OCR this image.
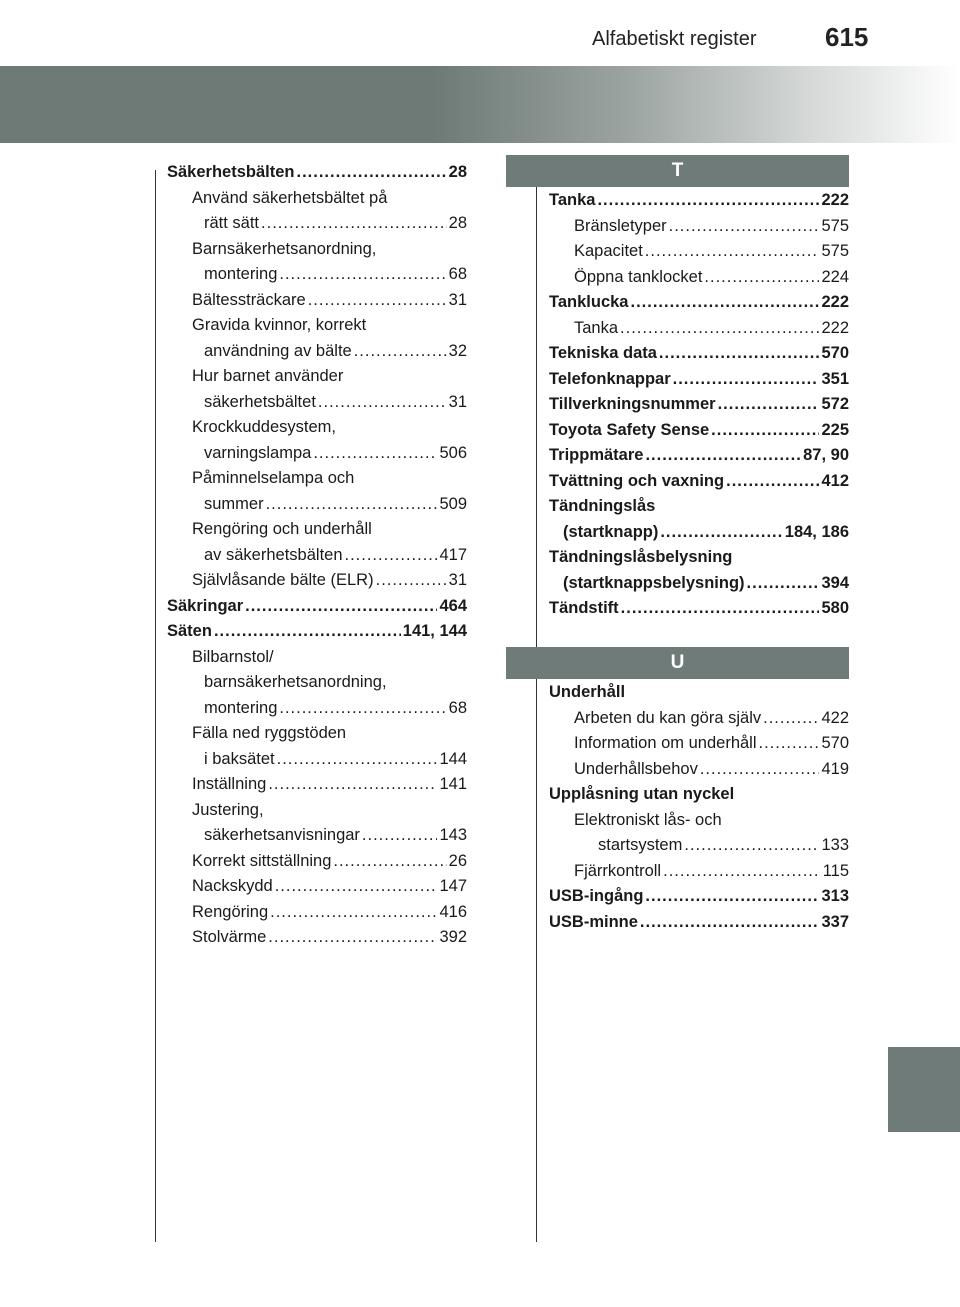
615
Alfabetiskt register
Säkerhetsbälten .....	28
Använd säkerhetsbältet på
rätt sätt .....	28
Barnsäkerhetsanordning,
montering .....	68
Bältessträckare .....	31
Gravida kvinnor, korrekt
användning av bälte .....	32
Hur barnet använder
säkerhetsbältet .....	31
Krockkuddesystem,
varningslampa .....	506
Påminnelselampa och
summer .....	509
Rengöring och underhåll
av säkerhetsbälten .....	417
Självlåsande bälte (ELR) .....	31
Säkringar .....	464
Säten .....	141, 144
Bilbarnstol/
barnsäkerhetsanordning,
montering .....	68
Fälla ned ryggstöden
i baksätet .....	144
Inställning .....	141
Justering,
säkerhetsanvisningar .....	143
Korrekt sittställning .....	26
Nackskydd .....	147
Rengöring .....	416
Stolvärme .....	392
T
Tanka .....	222
Bränsletyper .....	575
Kapacitet .....	575
Öppna tanklocket .....	224
Tanklucka .....	222
Tanka .....	222
Tekniska data .....	570
Telefonknappar .....	351
Tillverkningsnummer .....	572
Toyota Safety Sense .....	225
Trippmätare .....	87, 90
Tvättning och vaxning .....	412
Tändningslås
(startknapp) .....	184, 186
Tändningslåsbelysning
(startknappsbelysning) .....	394
Tändstift .....	580
U
Underhåll
Arbeten du kan göra själv .....	422
Information om underhåll .....	570
Underhållsbehov .....	419
Upplåsning utan nyckel
Elektroniskt lås- och
startsystem .....	133
Fjärrkontroll .....	115
USB-ingång .....	313
USB-minne .....	337
